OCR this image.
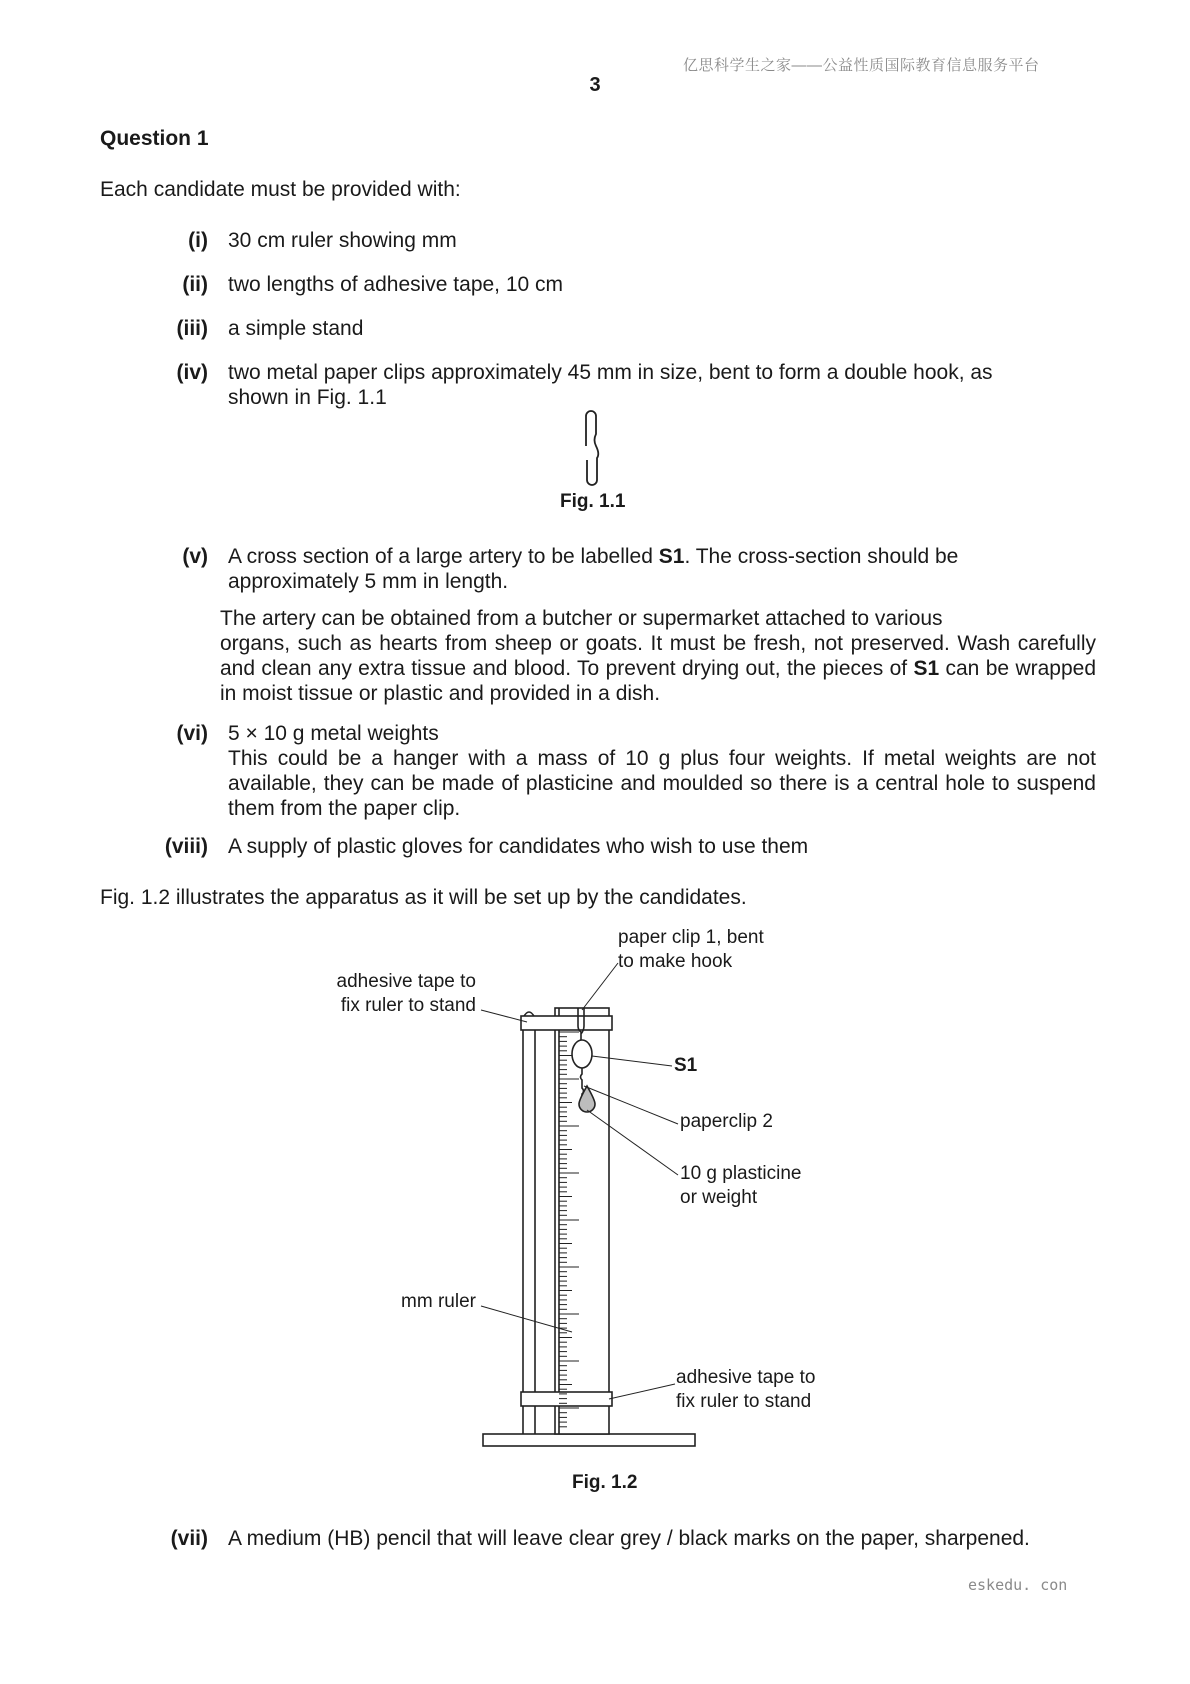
亿思科学生之家——公益性质国际教育信息服务平台
3
Question 1
Each candidate must be provided with:
(i) 30 cm ruler showing mm
(ii) two lengths of adhesive tape, 10 cm
(iii) a simple stand
(iv) two metal paper clips approximately 45 mm in size, bent to form a double hook, as
shown in Fig. 1.1
Fig. 1.1
(v) A cross section of a large artery to be labelled S1. The cross-section should be
approximately 5 mm in length.
The artery can be obtained from a butcher or supermarket attached to various
organs, such as hearts from sheep or goats. It must be fresh, not preserved. Wash carefully and clean any extra tissue and blood. To prevent drying out, the pieces of S1 can be wrapped in moist tissue or plastic and provided in a dish.
(vi) 5 × 10 g metal weights
This could be a hanger with a mass of 10 g plus four weights. If metal weights are not available, they can be made of plasticine and moulded so there is a central hole to suspend them from the paper clip.
(viii) A supply of plastic gloves for candidates who wish to use them
Fig. 1.2 illustrates the apparatus as it will be set up by the candidates.
paper clip 1, bent
to make hook
adhesive tape to
fix ruler to stand
S1
paperclip 2
10 g plasticine
or weight
mm ruler
adhesive tape to
fix ruler to stand
Fig. 1.2
(vii) A medium (HB) pencil that will leave clear grey / black marks on the paper, sharpened.
eskedu. con
